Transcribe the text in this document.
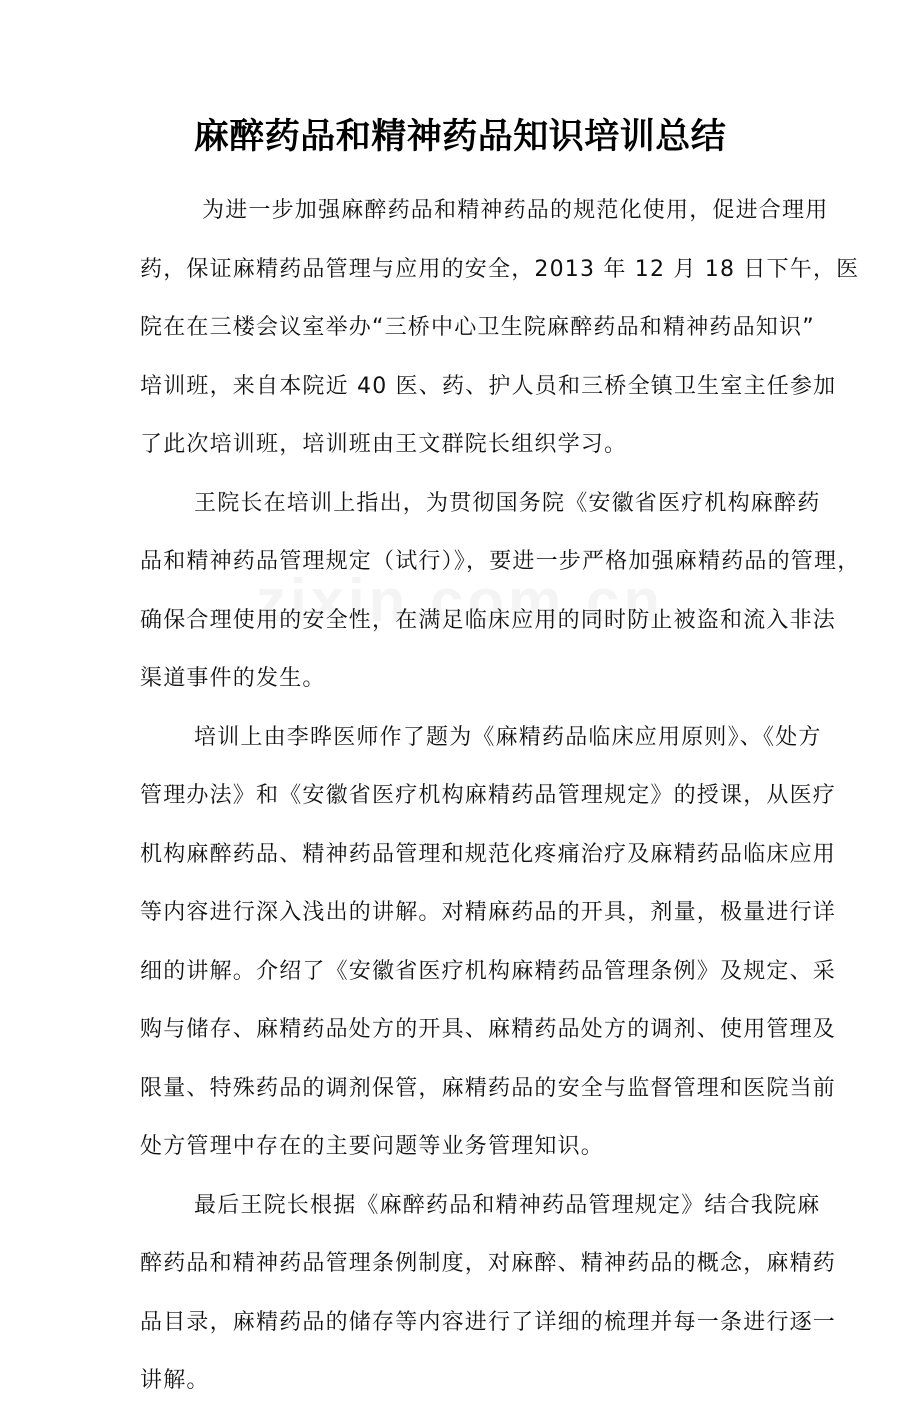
麻醉药品和精神药品知识培训总结

为进一步加强麻醉药品和精神药品的规范化使用，促进合理用
药，保证麻精药品管理与应用的安全，2013 年 12 月 18 日下午，医
院在在三楼会议室举办“三桥中心卫生院麻醉药品和精神药品知识”
培训班，来自本院近 40 医、药、护人员和三桥全镇卫生室主任参加
了此次培训班，培训班由王文群院长组织学习。

王院长在培训上指出，为贯彻国务院《安徽省医疗机构麻醉药
品和精神药品管理规定（试行）》，要进一步严格加强麻精药品的管理，
确保合理使用的安全性，在满足临床应用的同时防止被盗和流入非法
渠道事件的发生。

培训上由李晔医师作了题为《麻精药品临床应用原则》、《处方
管理办法》和《安徽省医疗机构麻精药品管理规定》的授课，从医疗
机构麻醉药品、精神药品管理和规范化疼痛治疗及麻精药品临床应用
等内容进行深入浅出的讲解。对精麻药品的开具，剂量，极量进行详
细的讲解。介绍了《安徽省医疗机构麻精药品管理条例》及规定、采
购与储存、麻精药品处方的开具、麻精药品处方的调剂、使用管理及
限量、特殊药品的调剂保管，麻精药品的安全与监督管理和医院当前
处方管理中存在的主要问题等业务管理知识。

最后王院长根据《麻醉药品和精神药品管理规定》结合我院麻
醉药品和精神药品管理条例制度，对麻醉、精神药品的概念，麻精药
品目录，麻精药品的储存等内容进行了详细的梳理并每一条进行逐一
讲解。
